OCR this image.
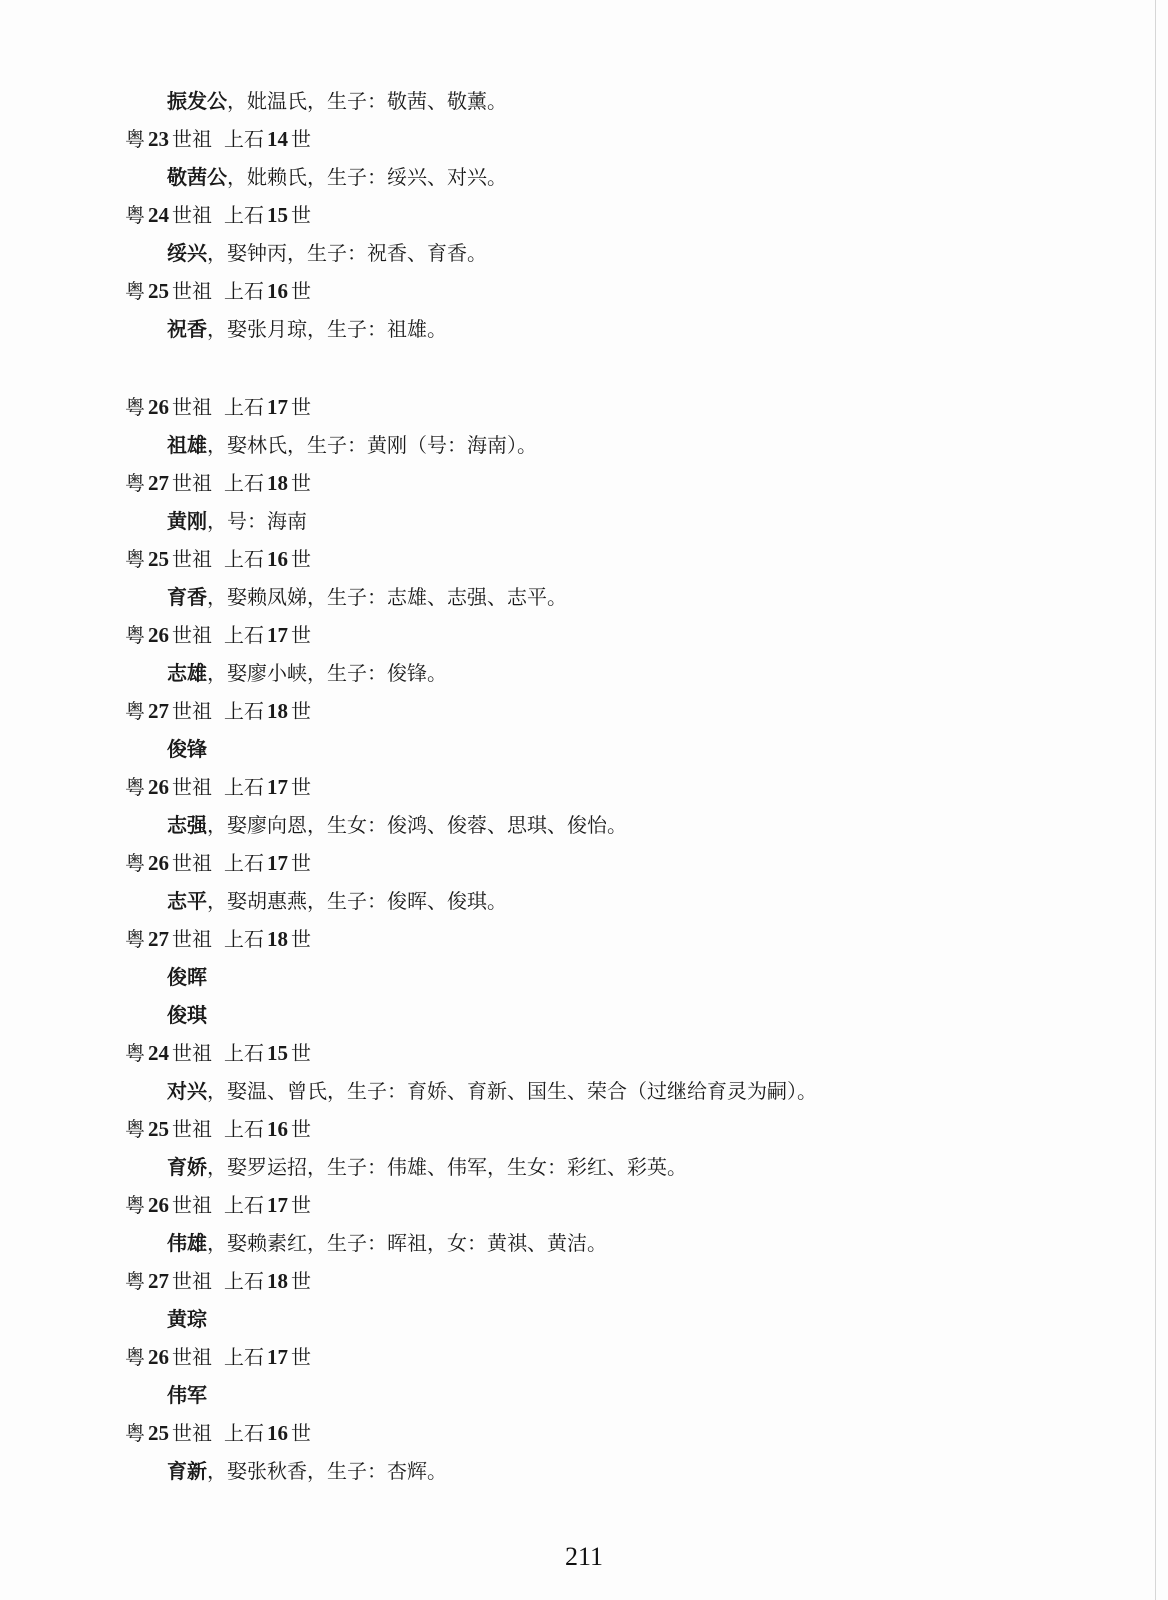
振发公，妣温氏，生子：敬茜、敬薰。
粤 23 世祖 上石 14 世
敬茜公，妣赖氏，生子：绥兴、对兴。
粤 24 世祖 上石 15 世
绥兴，娶钟丙，生子：祝香、育香。
粤 25 世祖 上石 16 世
祝香，娶张月琼，生子：祖雄。
粤 26 世祖 上石 17 世
祖雄，娶林氏，生子：黄刚（号：海南）。
粤 27 世祖 上石 18 世
黄刚，号：海南
粤 25 世祖 上石 16 世
育香，娶赖凤娣，生子：志雄、志强、志平。
粤 26 世祖 上石 17 世
志雄，娶廖小峡，生子：俊锋。
粤 27 世祖 上石 18 世
俊锋
粤 26 世祖 上石 17 世
志强，娶廖向恩，生女：俊鸿、俊蓉、思琪、俊怡。
粤 26 世祖 上石 17 世
志平，娶胡惠燕，生子：俊晖、俊琪。
粤 27 世祖 上石 18 世
俊晖
俊琪
粤 24 世祖 上石 15 世
对兴，娶温、曾氏，生子：育娇、育新、国生、荣合（过继给育灵为嗣）。
粤 25 世祖 上石 16 世
育娇，娶罗运招，生子：伟雄、伟军，生女：彩红、彩英。
粤 26 世祖 上石 17 世
伟雄，娶赖素红，生子：晖祖，女：黄祺、黄洁。
粤 27 世祖 上石 18 世
黄琮
粤 26 世祖 上石 17 世
伟军
粤 25 世祖 上石 16 世
育新，娶张秋香，生子：杏辉。
211
